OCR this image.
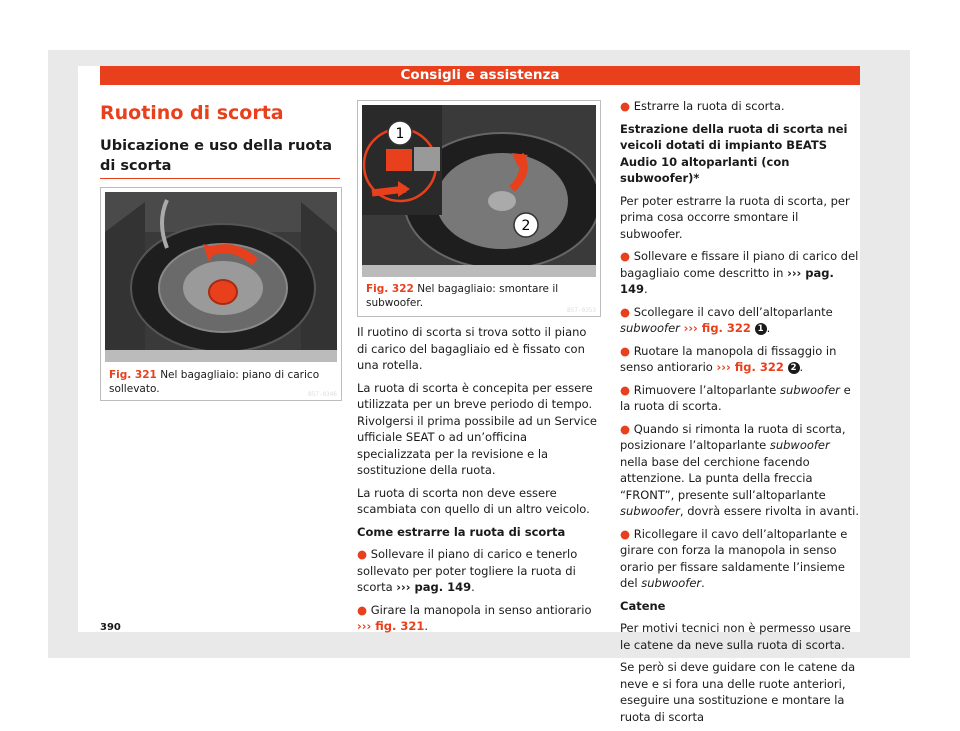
Consigli e assistenza
Ruotino di scorta
Ubicazione e uso della ruota di scorta
B57-0346
Fig. 321 Nel bagagliaio: piano di carico sollevato.
1
2
B57-0353
Fig. 322 Nel bagagliaio: smontare il subwoofer.

Il ruotino di scorta si trova sotto il piano di carico del bagagliaio ed è fissato con una rotella.

La ruota di scorta è concepita per essere utilizzata per un breve periodo di tempo. Rivolgersi il prima possibile ad un Service ufficiale SEAT o ad un’officina specializzata per la revisione e la sostituzione della ruota.

La ruota di scorta non deve essere scambiata con quello di un altro veicolo.

Come estrarre la ruota di scorta

● Sollevare il piano di carico e tenerlo sollevato per poter togliere la ruota di scorta ››› pag. 149.

● Girare la manopola in senso antiorario
››› fig. 321.

● Estrarre la ruota di scorta.

Estrazione della ruota di scorta nei veicoli dotati di impianto BEATS Audio 10 altoparlanti (con subwoofer)*

Per poter estrarre la ruota di scorta, per prima cosa occorre smontare il subwoofer.

● Sollevare e fissare il piano di carico del bagagliaio come descritto in ››› pag. 149.

● Scollegare il cavo dell’altoparlante subwoofer ››› fig. 322 1 .

● Ruotare la manopola di fissaggio in senso antiorario ››› fig. 322 2 .

● Rimuovere l’altoparlante subwoofer e la ruota di scorta.

● Quando si rimonta la ruota di scorta, posizionare l’altoparlante subwoofer nella base del cerchione facendo attenzione. La punta della freccia “FRONT”, presente sull’altoparlante subwoofer, dovrà essere rivolta in avanti.

● Ricollegare il cavo dell’altoparlante e girare con forza la manopola in senso orario per fissare saldamente l’insieme del subwoofer.

Catene

Per motivi tecnici non è permesso usare le catene da neve sulla ruota di scorta.

Se però si deve guidare con le catene da neve e si fora una delle ruote anteriori, eseguire una sostituzione e montare la ruota di scorta

390
